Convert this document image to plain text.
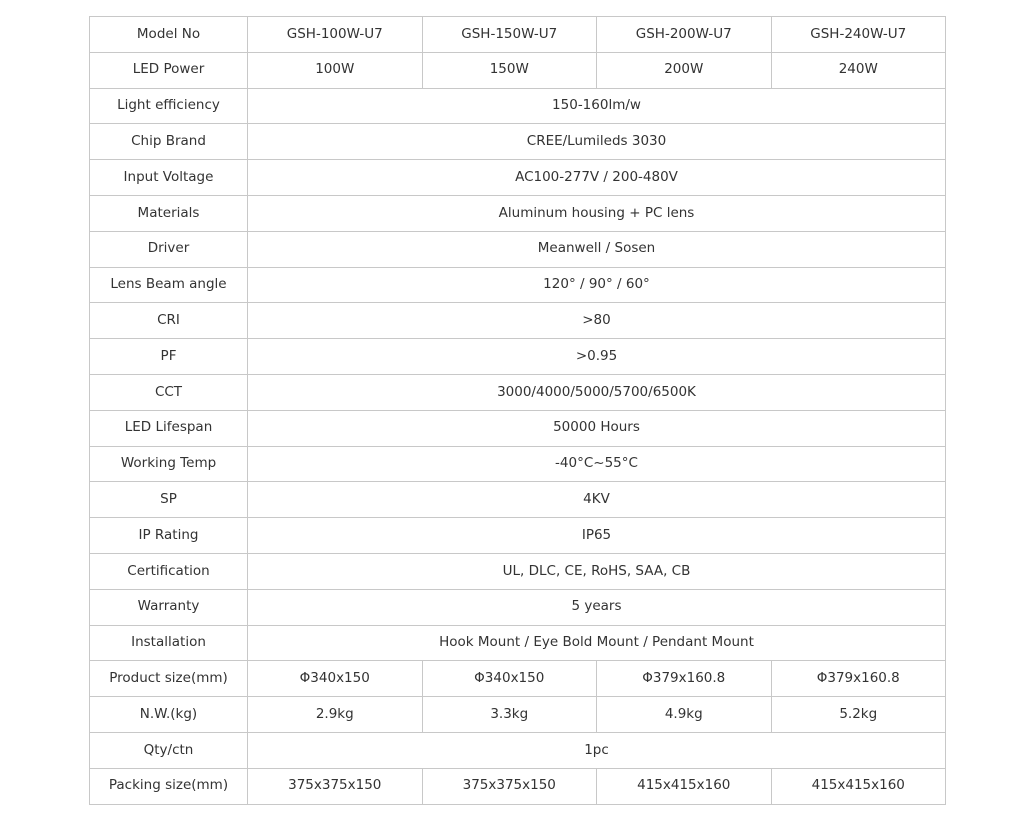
Model No	GSH-100W-U7	GSH-150W-U7	GSH-200W-U7	GSH-240W-U7
LED Power	100W	150W	200W	240W
Light efficiency	150-160lm/w			
Chip Brand	CREE/Lumileds 3030			
Input Voltage	AC100-277V / 200-480V			
Materials	Aluminum housing + PC lens			
Driver	Meanwell / Sosen			
Lens Beam angle	120° / 90° / 60°			
CRI	>80			
PF	>0.95			
CCT	3000/4000/5000/5700/6500K			
LED Lifespan	50000 Hours			
Working Temp	-40°C~55°C			
SP	4KV			
IP Rating	IP65			
Certification	UL, DLC, CE, RoHS, SAA, CB			
Warranty	5 years			
Installation	Hook Mount / Eye Bold Mount / Pendant Mount			
Product size(mm)	Φ340x150	Φ340x150	Φ379x160.8	Φ379x160.8
N.W.(kg)	2.9kg	3.3kg	4.9kg	5.2kg
Qty/ctn	1pc			
Packing size(mm)	375x375x150	375x375x150	415x415x160	415x415x160
